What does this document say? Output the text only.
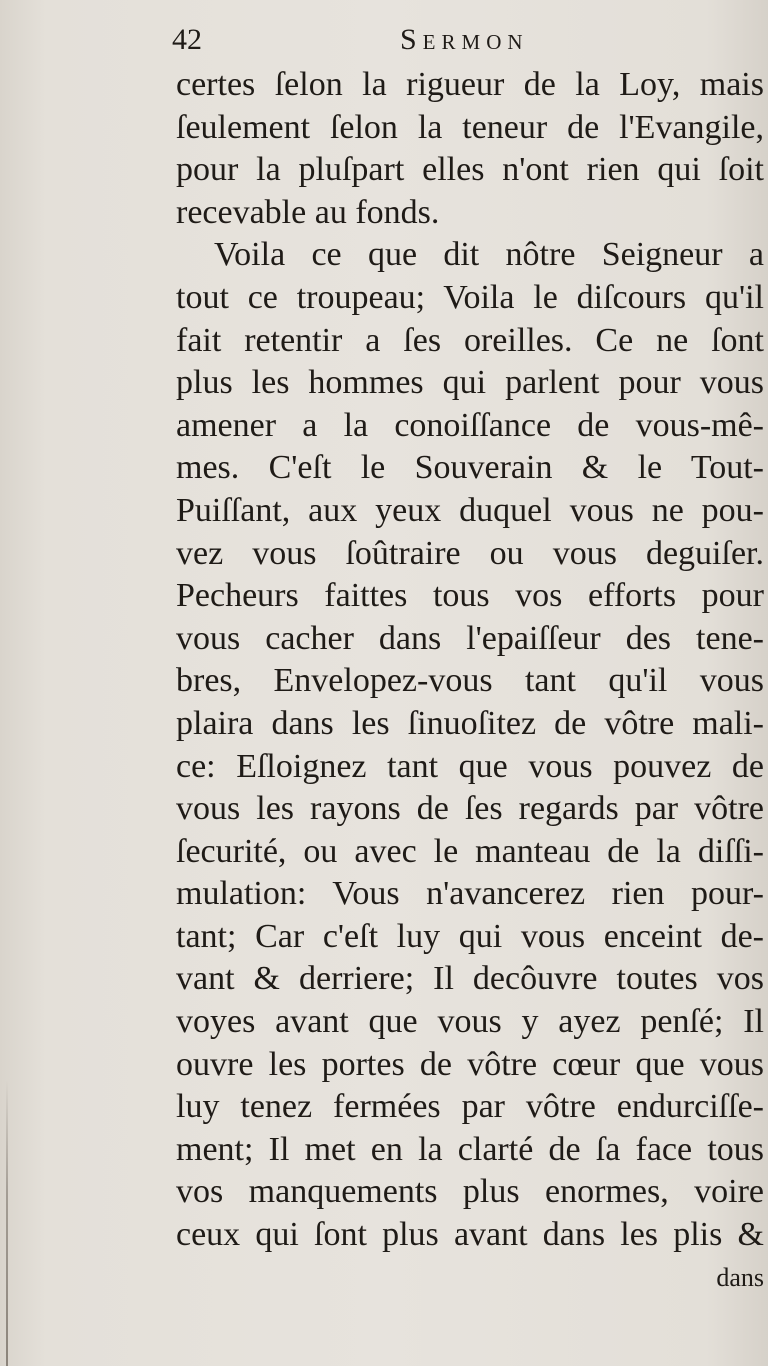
42	Sermon
certes ſelon la rigueur de la Loy, mais
ſeulement ſelon la teneur de l'Evangile,
pour la pluſpart elles n'ont rien qui ſoit
recevable au fonds.
Voila ce que dit nôtre Seigneur a
tout ce troupeau; Voila le diſcours qu'il
fait retentir a ſes oreilles. Ce ne ſont
plus les hommes qui parlent pour vous
amener a la conoiſſance de vous-mê-
mes. C'eſt le Souverain & le Tout-
Puiſſant, aux yeux duquel vous ne pou-
vez vous ſoûtraire ou vous deguiſer.
Pecheurs faittes tous vos efforts pour
vous cacher dans l'epaiſſeur des tene-
bres, Envelopez-vous tant qu'il vous
plaira dans les ſinuoſitez de vôtre mali-
ce: Eſloignez tant que vous pouvez de
vous les rayons de ſes regards par vôtre
ſecurité, ou avec le manteau de la diſſi-
mulation: Vous n'avancerez rien pour-
tant; Car c'eſt luy qui vous enceint de-
vant & derriere; Il decôuvre toutes vos
voyes avant que vous y ayez penſé; Il
ouvre les portes de vôtre cœur que vous
luy tenez fermées par vôtre endurciſſe-
ment; Il met en la clarté de ſa face tous
vos manquements plus enormes, voire
ceux qui ſont plus avant dans les plis &
dans
